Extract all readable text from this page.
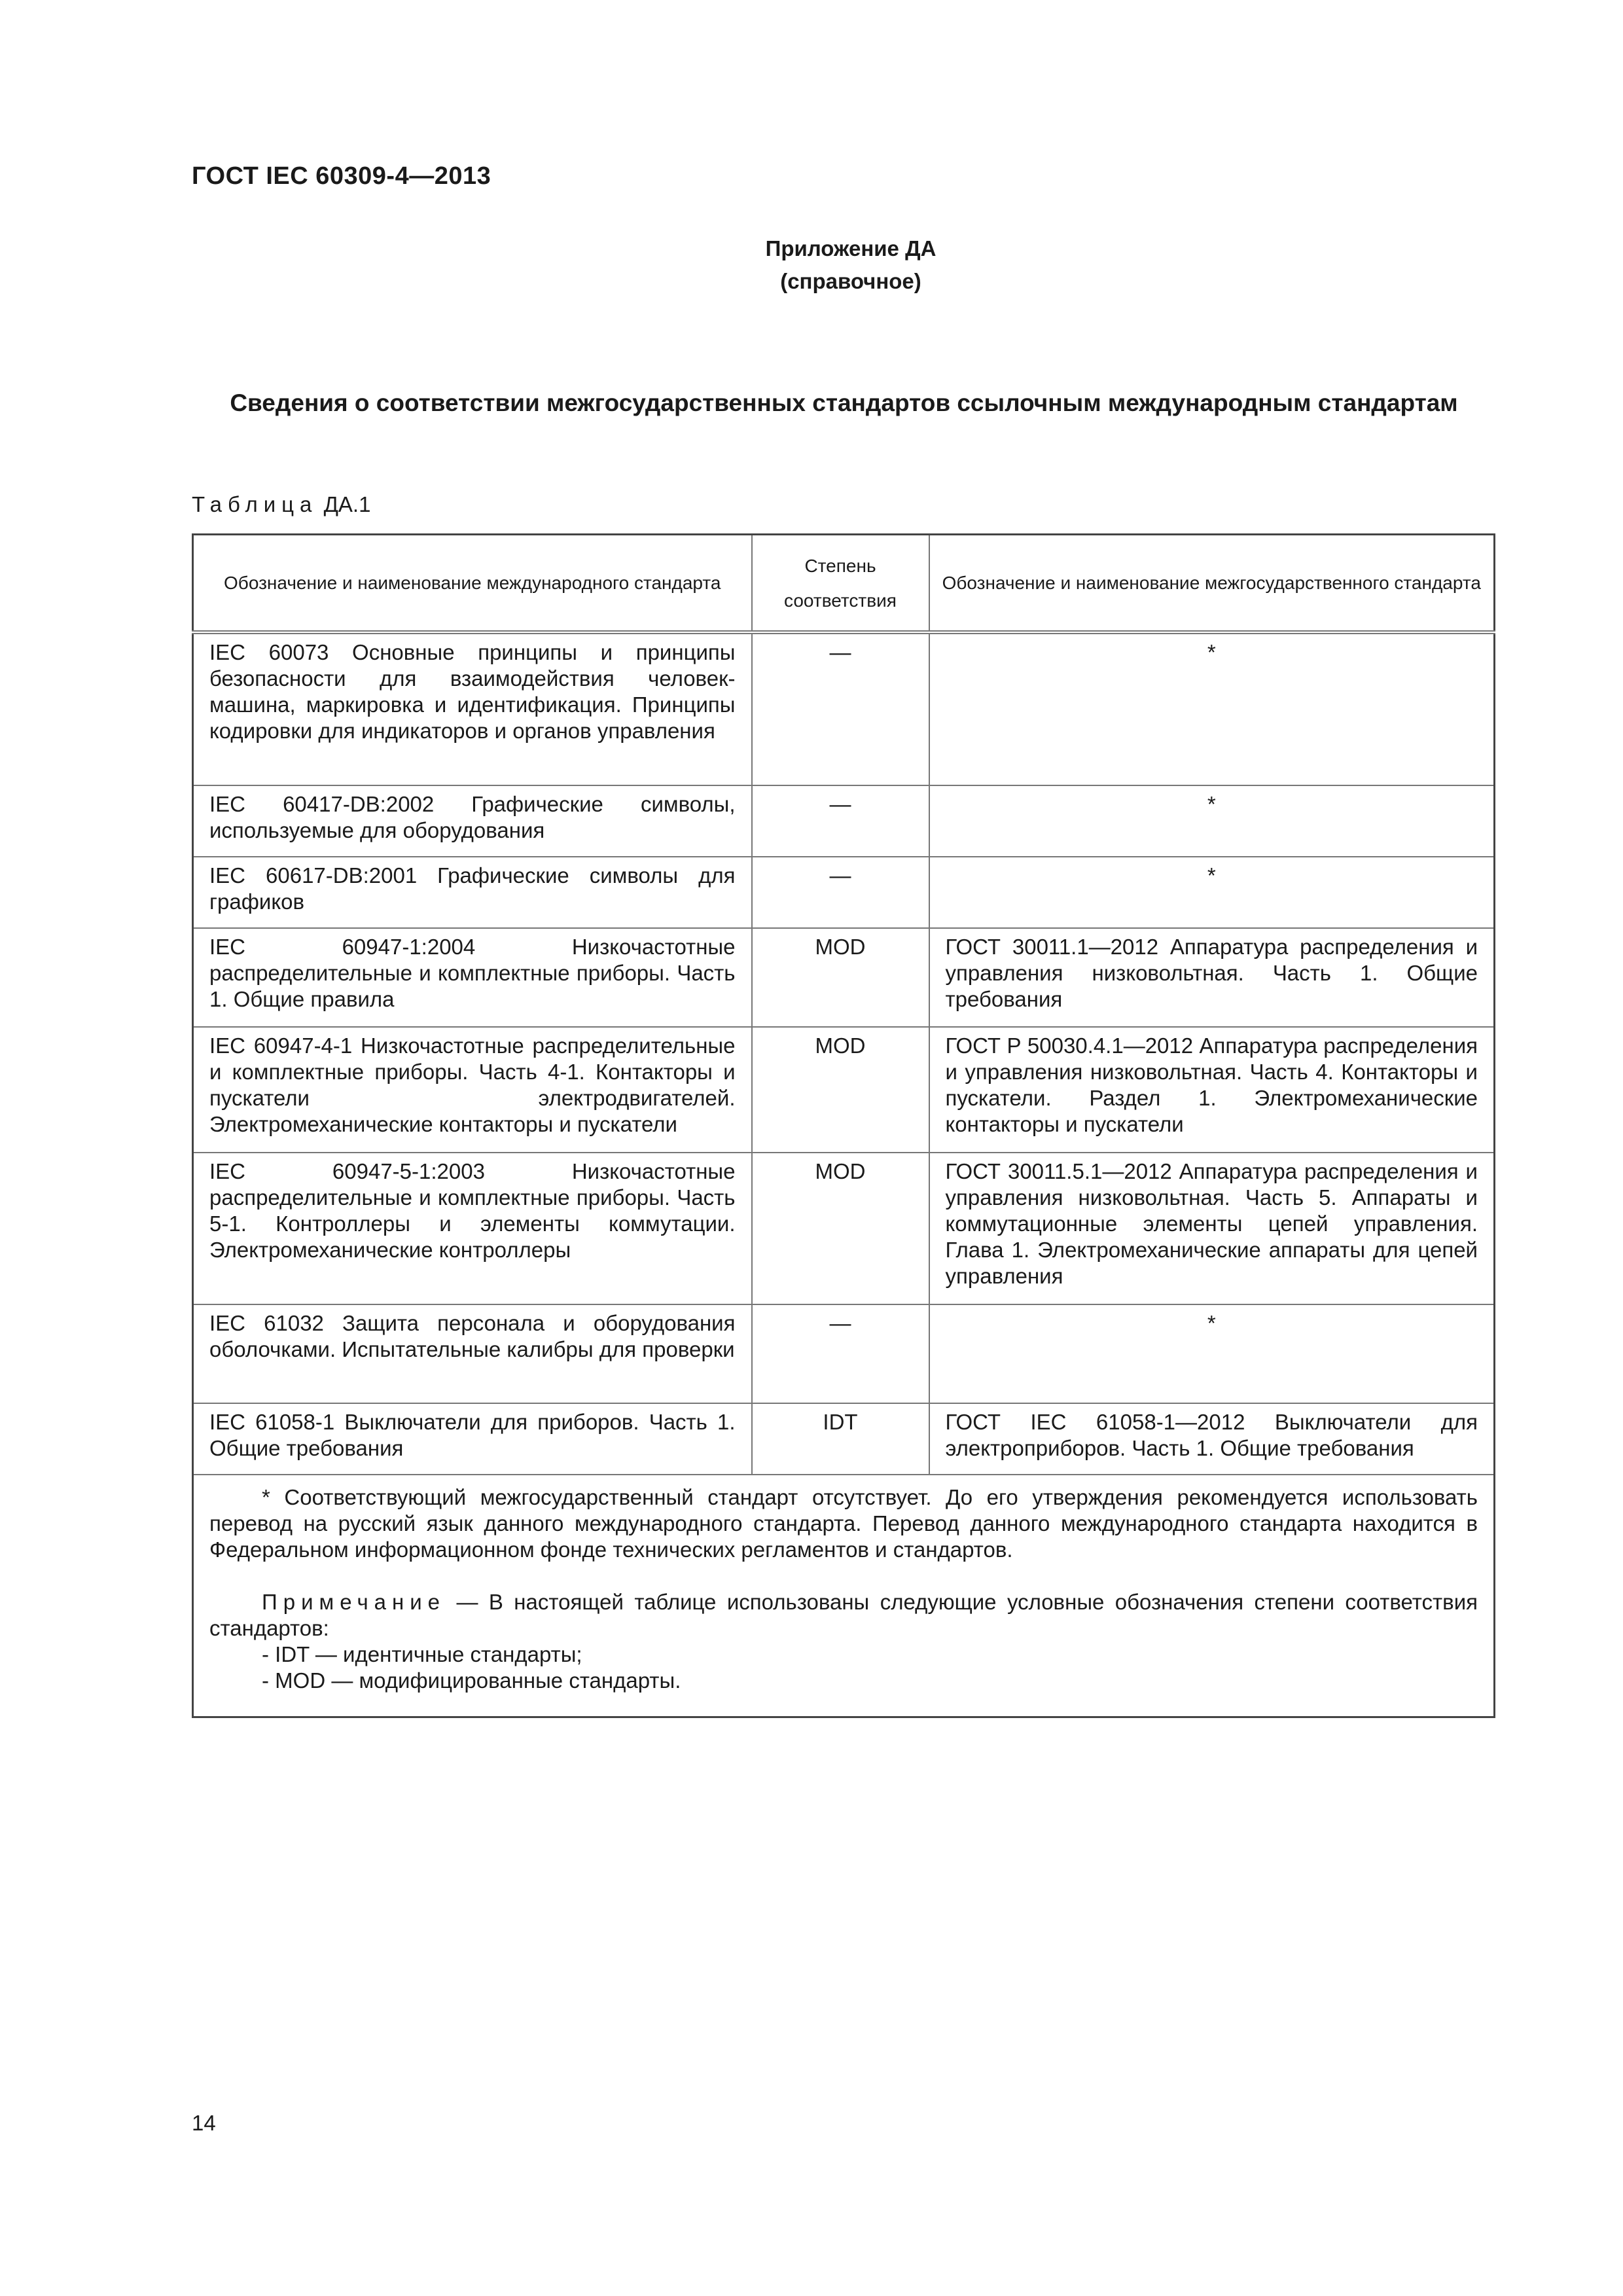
ГОСТ IEC 60309-4—2013
Приложение ДА
(справочное)
Сведения о соответствии межгосударственных стандартов ссылочным международным стандартам
Таблица ДА.1
Обозначение и наименование международного стандарта	Степень соответствия	Обозначение и наименование межгосударственного стандарта
IEC 60073 Основные принципы и принципы безопасности для взаимодействия человек-машина, маркировка и идентификация. Принципы кодировки для индикаторов и органов управления	—	*
IEC 60417-DB:2002 Графические символы, используемые для оборудования	—	*
IEC 60617-DB:2001 Графические символы для графиков	—	*
IEC 60947-1:2004 Низкочастотные распределительные и комплектные приборы. Часть 1. Общие правила	MOD	ГОСТ 30011.1—2012 Аппаратура распределения и управления низковольтная. Часть 1. Общие требования
IEC 60947-4-1 Низкочастотные распределительные и комплектные приборы. Часть 4-1. Контакторы и пускатели электродвигателей. Электромеханические контакторы и пускатели	MOD	ГОСТ Р 50030.4.1—2012 Аппаратура распределения и управления низковольтная. Часть 4. Контакторы и пускатели. Раздел 1. Электромеханические контакторы и пускатели
IEC 60947-5-1:2003 Низкочастотные распределительные и комплектные приборы. Часть 5-1. Контроллеры и элементы коммутации. Электромеханические контроллеры	MOD	ГОСТ 30011.5.1—2012 Аппаратура распределения и управления низковольтная. Часть 5. Аппараты и коммутационные элементы цепей управления. Глава 1. Электромеханические аппараты для цепей управления
IEC 61032 Защита персонала и оборудования оболочками. Испытательные калибры для проверки	—	*
IEC 61058-1 Выключатели для приборов. Часть 1. Общие требования	IDT	ГОСТ IEC 61058-1—2012 Выключатели для электроприборов. Часть 1. Общие требования

* Соответствующий межгосударственный стандарт отсутствует. До его утверждения рекомендуется использовать перевод на русский язык данного международного стандарта. Перевод данного международного стандарта находится в Федеральном информационном фонде технических регламентов и стандартов.

Примечание — В настоящей таблице использованы следующие условные обозначения степени соответствия стандартов:

- IDT — идентичные стандарты;

- MOD — модифицированные стандарты.		

14
